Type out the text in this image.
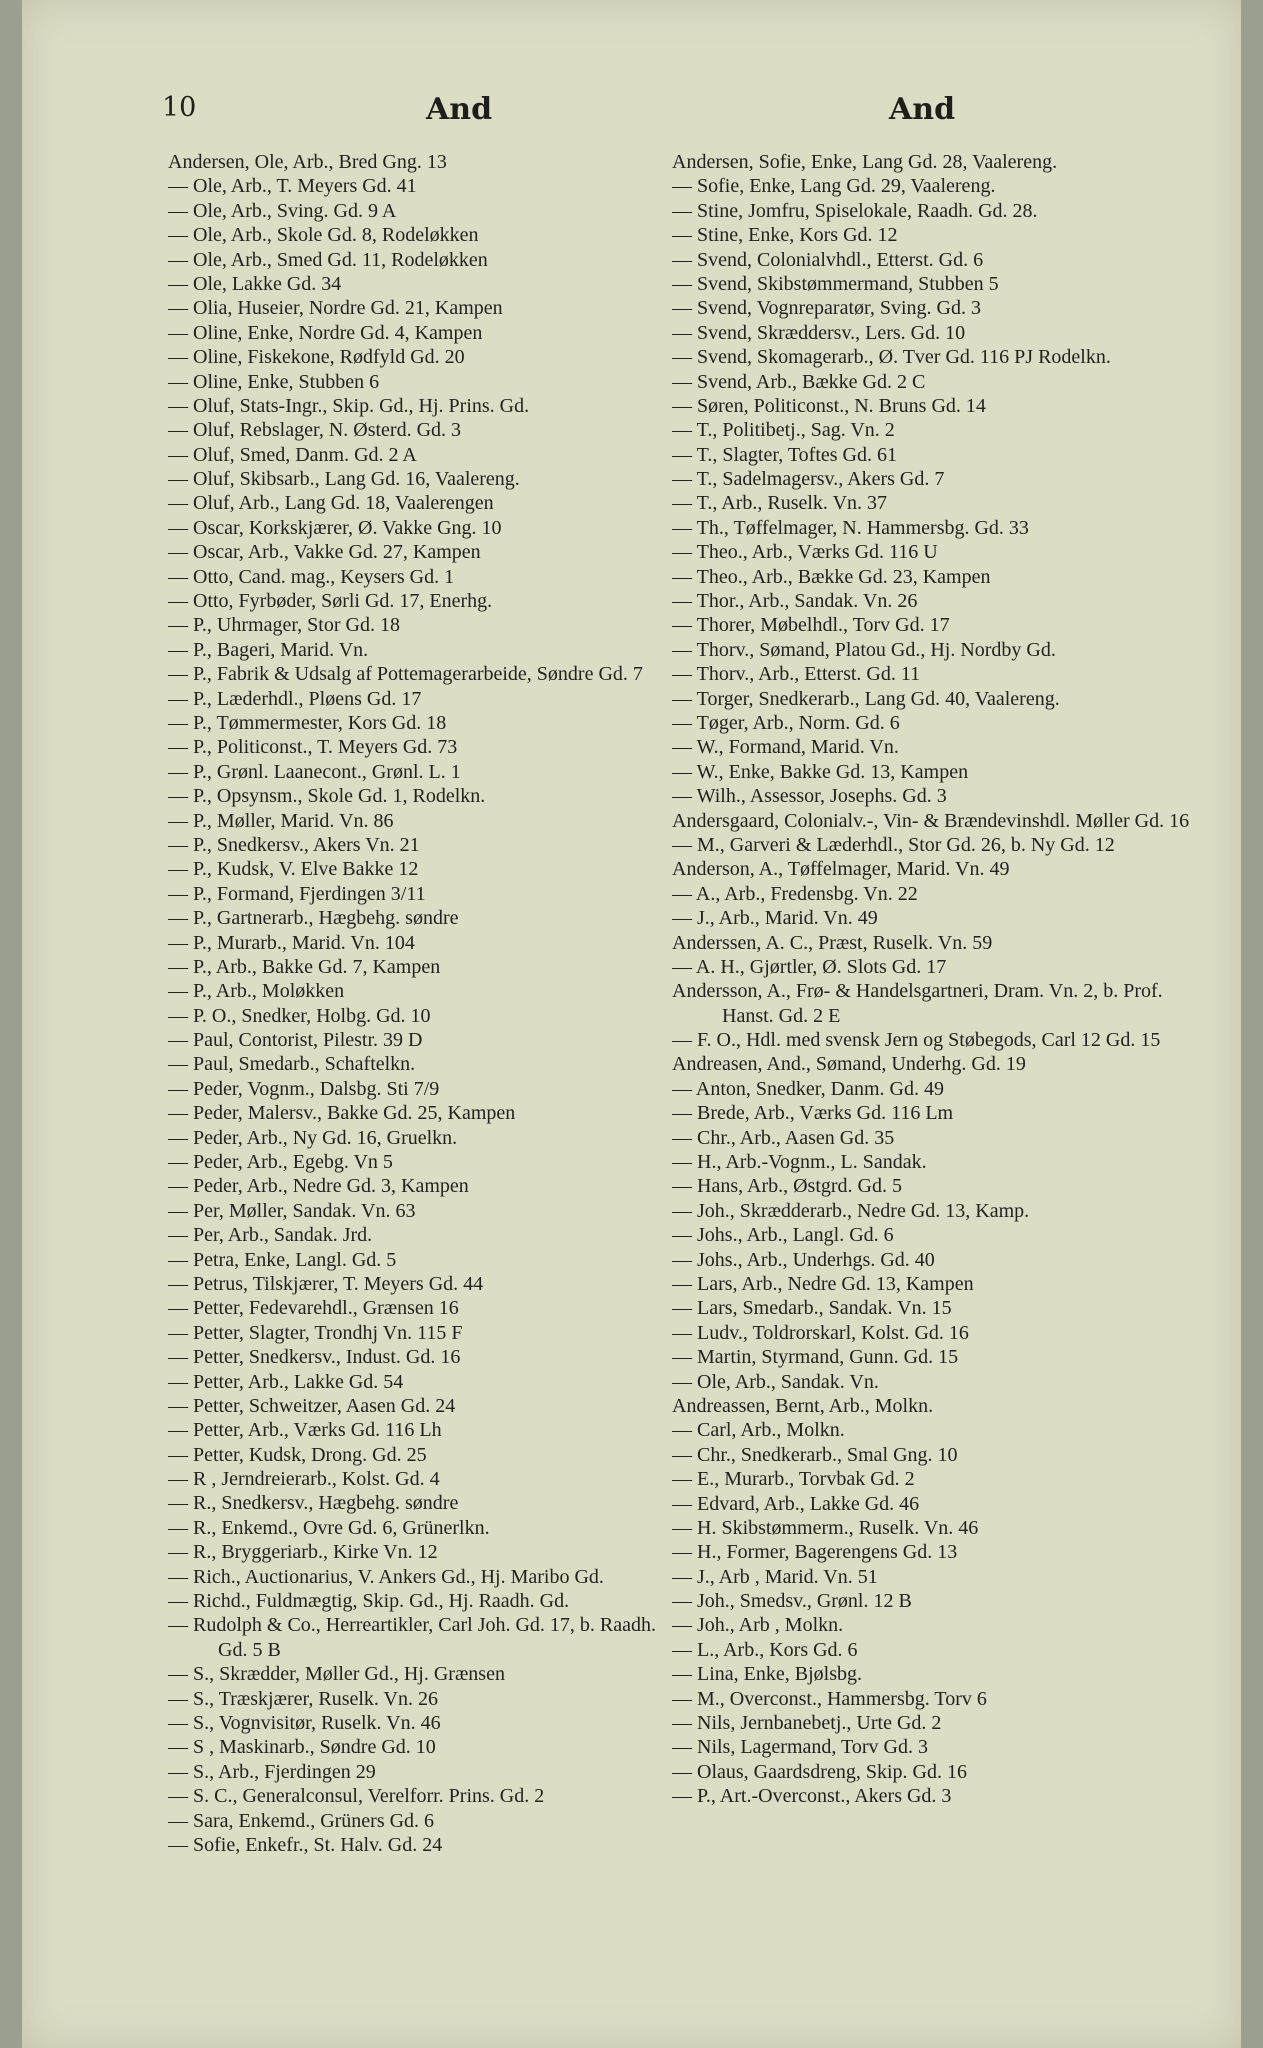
10	And	And
Andersen, Ole, Arb., Bred Gng. 13
— Ole, Arb., T. Meyers Gd. 41
— Ole, Arb., Sving. Gd. 9 A
— Ole, Arb., Skole Gd. 8, Rodeløkken
— Ole, Arb., Smed Gd. 11, Rodeløkken
— Ole, Lakke Gd. 34
— Olia, Huseier, Nordre Gd. 21, Kampen
— Oline, Enke, Nordre Gd. 4, Kampen
— Oline, Fiskekone, Rødfyld Gd. 20
— Oline, Enke, Stubben 6
— Oluf, Stats-Ingr., Skip. Gd., Hj. Prins. Gd.
— Oluf, Rebslager, N. Østerd. Gd. 3
— Oluf, Smed, Danm. Gd. 2 A
— Oluf, Skibsarb., Lang Gd. 16, Vaalereng.
— Oluf, Arb., Lang Gd. 18, Vaalerengen
— Oscar, Korkskjærer, Ø. Vakke Gng. 10
— Oscar, Arb., Vakke Gd. 27, Kampen
— Otto, Cand. mag., Keysers Gd. 1
— Otto, Fyrbøder, Sørli Gd. 17, Enerhg.
— P., Uhrmager, Stor Gd. 18
— P., Bageri, Marid. Vn.
— P., Fabrik & Udsalg af Pottemagerarbeide, Søndre Gd. 7
— P., Læderhdl., Pløens Gd. 17
— P., Tømmermester, Kors Gd. 18
— P., Politiconst., T. Meyers Gd. 73
— P., Grønl. Laanecont., Grønl. L. 1
— P., Opsynsm., Skole Gd. 1, Rodelkn.
— P., Møller, Marid. Vn. 86
— P., Snedkersv., Akers Vn. 21
— P., Kudsk, V. Elve Bakke 12
— P., Formand, Fjerdingen 3/11
— P., Gartnerarb., Hægbehg. søndre
— P., Murarb., Marid. Vn. 104
— P., Arb., Bakke Gd. 7, Kampen
— P., Arb., Moløkken
— P. O., Snedker, Holbg. Gd. 10
— Paul, Contorist, Pilestr. 39 D
— Paul, Smedarb., Schaftelkn.
— Peder, Vognm., Dalsbg. Sti 7/9
— Peder, Malersv., Bakke Gd. 25, Kampen
— Peder, Arb., Ny Gd. 16, Gruelkn.
— Peder, Arb., Egebg. Vn 5
— Peder, Arb., Nedre Gd. 3, Kampen
— Per, Møller, Sandak. Vn. 63
— Per, Arb., Sandak. Jrd.
— Petra, Enke, Langl. Gd. 5
— Petrus, Tilskjærer, T. Meyers Gd. 44
— Petter, Fedevarehdl., Grænsen 16
— Petter, Slagter, Trondhj Vn. 115 F
— Petter, Snedkersv., Indust. Gd. 16
— Petter, Arb., Lakke Gd. 54
— Petter, Schweitzer, Aasen Gd. 24
— Petter, Arb., Værks Gd. 116 Lh
— Petter, Kudsk, Drong. Gd. 25
— R , Jerndreierarb., Kolst. Gd. 4
— R., Snedkersv., Hægbehg. søndre
— R., Enkemd., Ovre Gd. 6, Grünerlkn.
— R., Bryggeriarb., Kirke Vn. 12
— Rich., Auctionarius, V. Ankers Gd., Hj. Maribo Gd.
— Richd., Fuldmægtig, Skip. Gd., Hj. Raadh. Gd.
— Rudolph & Co., Herreartikler, Carl Joh. Gd. 17, b. Raadh. Gd. 5 B
— S., Skrædder, Møller Gd., Hj. Grænsen
— S., Træskjærer, Ruselk. Vn. 26
— S., Vognvisitør, Ruselk. Vn. 46
— S , Maskinarb., Søndre Gd. 10
— S., Arb., Fjerdingen 29
— S. C., Generalconsul, Verelforr. Prins. Gd. 2
— Sara, Enkemd., Grüners Gd. 6
— Sofie, Enkefr., St. Halv. Gd. 24
Andersen, Sofie, Enke, Lang Gd. 28, Vaalereng.
— Sofie, Enke, Lang Gd. 29, Vaalereng.
— Stine, Jomfru, Spiselokale, Raadh. Gd. 28.
— Stine, Enke, Kors Gd. 12
— Svend, Colonialvhdl., Etterst. Gd. 6
— Svend, Skibstømmermand, Stubben 5
— Svend, Vognreparatør, Sving. Gd. 3
— Svend, Skræddersv., Lers. Gd. 10
— Svend, Skomagerarb., Ø. Tver Gd. 116 PJ Rodelkn.
— Svend, Arb., Bække Gd. 2 C
— Søren, Politiconst., N. Bruns Gd. 14
— T., Politibetj., Sag. Vn. 2
— T., Slagter, Toftes Gd. 61
— T., Sadelmagersv., Akers Gd. 7
— T., Arb., Ruselk. Vn. 37
— Th., Tøffelmager, N. Hammersbg. Gd. 33
— Theo., Arb., Værks Gd. 116 U
— Theo., Arb., Bække Gd. 23, Kampen
— Thor., Arb., Sandak. Vn. 26
— Thorer, Møbelhdl., Torv Gd. 17
— Thorv., Sømand, Platou Gd., Hj. Nordby Gd.
— Thorv., Arb., Etterst. Gd. 11
— Torger, Snedkerarb., Lang Gd. 40, Vaalereng.
— Tøger, Arb., Norm. Gd. 6
— W., Formand, Marid. Vn.
— W., Enke, Bakke Gd. 13, Kampen
— Wilh., Assessor, Josephs. Gd. 3
Andersgaard, Colonialv.-, Vin- & Brændevinshdl. Møller Gd. 16
— M., Garveri & Læderhdl., Stor Gd. 26, b. Ny Gd. 12
Anderson, A., Tøffelmager, Marid. Vn. 49
— A., Arb., Fredensbg. Vn. 22
— J., Arb., Marid. Vn. 49
Anderssen, A. C., Præst, Ruselk. Vn. 59
— A. H., Gjørtler, Ø. Slots Gd. 17
Andersson, A., Frø- & Handelsgartneri, Dram. Vn. 2, b. Prof. Hanst. Gd. 2 E
— F. O., Hdl. med svensk Jern og Støbegods, Carl 12 Gd. 15
Andreasen, And., Sømand, Underhg. Gd. 19
— Anton, Snedker, Danm. Gd. 49
— Brede, Arb., Værks Gd. 116 Lm
— Chr., Arb., Aasen Gd. 35
— H., Arb.-Vognm., L. Sandak.
— Hans, Arb., Østgrd. Gd. 5
— Joh., Skrædderarb., Nedre Gd. 13, Kamp.
— Johs., Arb., Langl. Gd. 6
— Johs., Arb., Underhgs. Gd. 40
— Lars, Arb., Nedre Gd. 13, Kampen
— Lars, Smedarb., Sandak. Vn. 15
— Ludv., Toldrorskarl, Kolst. Gd. 16
— Martin, Styrmand, Gunn. Gd. 15
— Ole, Arb., Sandak. Vn.
Andreassen, Bernt, Arb., Molkn.
— Carl, Arb., Molkn.
— Chr., Snedkerarb., Smal Gng. 10
— E., Murarb., Torvbak Gd. 2
— Edvard, Arb., Lakke Gd. 46
— H. Skibstømmerm., Ruselk. Vn. 46
— H., Former, Bagerengens Gd. 13
— J., Arb , Marid. Vn. 51
— Joh., Smedsv., Grønl. 12 B
— Joh., Arb , Molkn.
— L., Arb., Kors Gd. 6
— Lina, Enke, Bjølsbg.
— M., Overconst., Hammersbg. Torv 6
— Nils, Jernbanebetj., Urte Gd. 2
— Nils, Lagermand, Torv Gd. 3
— Olaus, Gaardsdreng, Skip. Gd. 16
— P., Art.-Overconst., Akers Gd. 3
